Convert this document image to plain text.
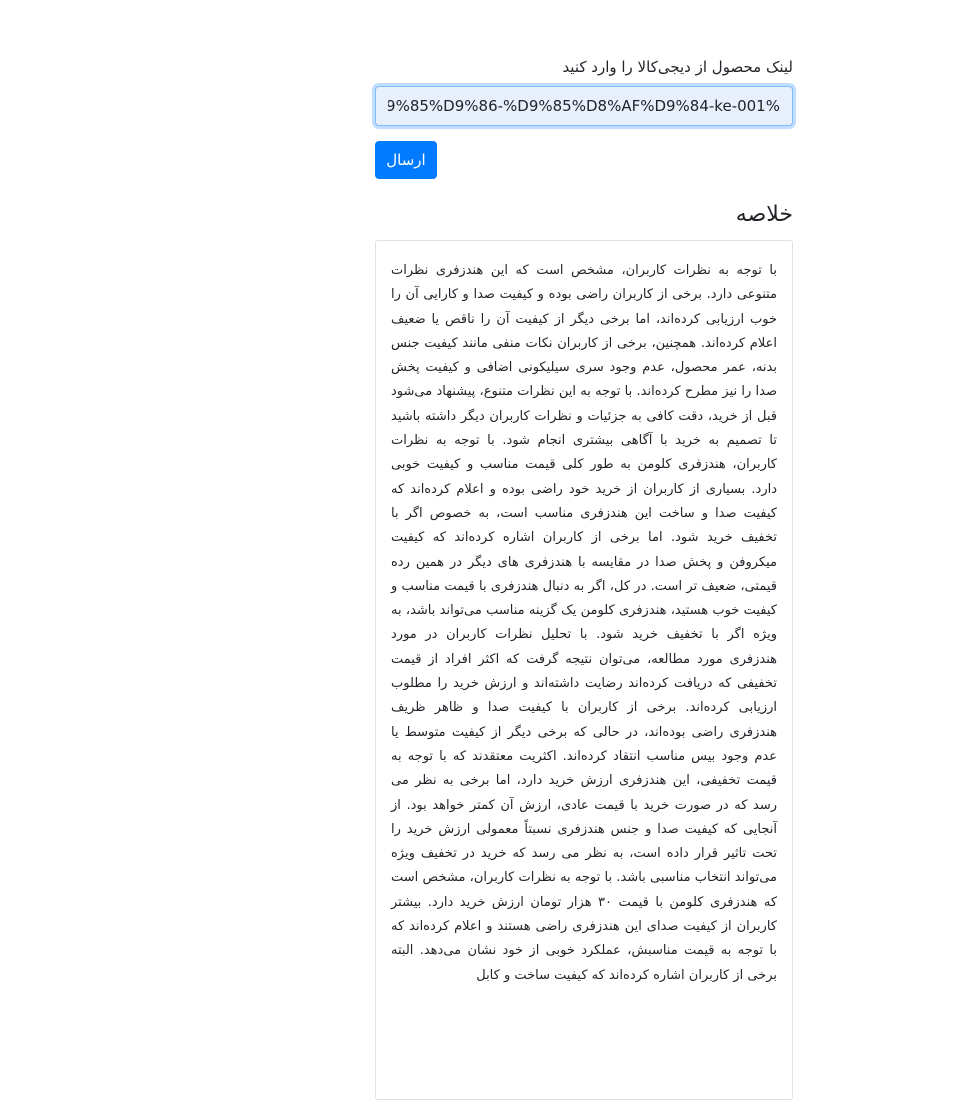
لینک محصول از دیجی‌کالا را وارد کنید
%D9%85%D9%86-%D9%85%D8%AF%D9%84-ke-001
ارسال
خلاصه

با توجه به نظرات کاربران، مشخص است که این هندزفری نظرات متنوعی دارد. برخی از کاربران راضی بوده و کیفیت صدا و کارایی آن را خوب ارزیابی کرده‌اند، اما برخی دیگر از کیفیت آن را ناقص یا ضعیف اعلام کرده‌اند. همچنین، برخی از کاربران نکات منفی مانند کیفیت جنس بدنه، عمر محصول، عدم وجود سری سیلیکونی اضافی و کیفیت پخش صدا را نیز مطرح کرده‌اند. با توجه به این نظرات متنوع، پیشنهاد می‌شود قبل از خرید، دقت کافی به جزئیات و نظرات کاربران دیگر داشته باشید تا تصمیم به خرید با آگاهی بیشتری انجام شود. با توجه به نظرات کاربران، هندزفری کلومن به طور کلی قیمت مناسب و کیفیت خوبی دارد. بسیاری از کاربران از خرید خود راضی بوده و اعلام کرده‌اند که کیفیت صدا و ساخت این هندزفری مناسب است، به خصوص اگر با تخفیف خرید شود. اما برخی از کاربران اشاره کرده‌اند که کیفیت میکروفن و پخش صدا در مقایسه با هندزفری های دیگر در همین رده قیمتی، ضعیف تر است. در کل، اگر به دنبال هندزفری با قیمت مناسب و کیفیت خوب هستید، هندزفری کلومن یک گزینه مناسب می‌تواند باشد، به ویژه اگر با تخفیف خرید شود. با تحلیل نظرات کاربران در مورد هندزفری مورد مطالعه، می‌توان نتیجه گرفت که اکثر افراد از قیمت تخفیفی که دریافت کرده‌اند رضایت داشته‌اند و ارزش خرید را مطلوب ارزیابی کرده‌اند. برخی از کاربران با کیفیت صدا و ظاهر ظریف هندزفری راضی بوده‌اند، در حالی که برخی دیگر از کیفیت متوسط یا عدم وجود بیس مناسب انتقاد کرده‌اند. اکثریت معتقدند که با توجه به قیمت تخفیفی، این هندزفری ارزش خرید دارد، اما برخی به نظر می رسد که در صورت خرید با قیمت عادی، ارزش آن کمتر خواهد بود. از آنجایی که کیفیت صدا و جنس هندزفری نسبتاً معمولی ارزش خرید را تحت تاثیر قرار داده است، به نظر می رسد که خرید در تخفیف ویژه می‌تواند انتخاب مناسبی باشد. با توجه به نظرات کاربران، مشخص است که هندزفری کلومن با قیمت ۳۰ هزار تومان ارزش خرید دارد. بیشتر کاربران از کیفیت صدای این هندزفری راضی هستند و اعلام کرده‌اند که با توجه به قیمت مناسبش، عملکرد خوبی از خود نشان می‌دهد. البته برخی از کاربران اشاره کرده‌اند که کیفیت ساخت و کابل
